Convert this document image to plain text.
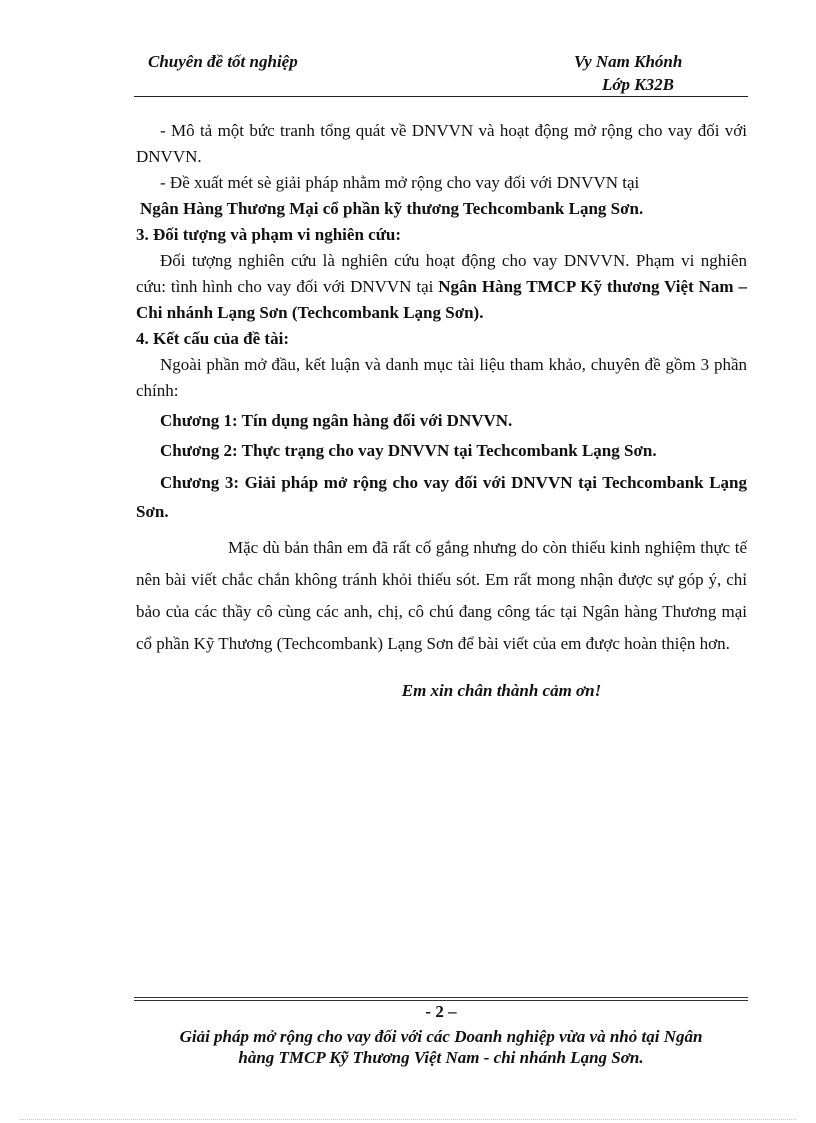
Chuyên đề tốt nghiệp	Vy Nam Khónh
Lớp K32B

- Mô tả một bức tranh tổng quát về DNVVN và hoạt động mở rộng cho vay đối với DNVVN.

- Đề xuất mét sè giải pháp nhằm mở rộng cho vay đối với DNVVN tại

Ngân Hàng Thương Mại cổ phần kỹ thương Techcombank Lạng Sơn.

3. Đối tượng và phạm vi nghiên cứu:

Đối tượng nghiên cứu là nghiên cứu hoạt động cho vay DNVVN. Phạm vi nghiên cứu: tình hình cho vay đối với DNVVN tại Ngân Hàng TMCP Kỹ thương Việt Nam – Chi nhánh Lạng Sơn (Techcombank Lạng Sơn).

4. Kết cấu của đề tài:

Ngoài phần mở đầu, kết luận và danh mục tài liệu tham khảo, chuyên đề gồm 3 phần chính:

Chương 1: Tín dụng ngân hàng đối với DNVVN.

Chương 2: Thực trạng cho vay DNVVN tại Techcombank Lạng Sơn.

Chương 3: Giải pháp mở rộng cho vay đối với DNVVN tại Techcombank Lạng Sơn.

Mặc dù bản thân em đã rất cố gắng nhưng do còn thiếu kinh nghiệm thực tế nên bài viết chắc chắn không tránh khỏi thiếu sót. Em rất mong nhận được sự góp ý, chỉ bảo của các thầy cô cùng các anh, chị, cô chú đang công tác tại Ngân hàng Thương mại cổ phần Kỹ Thương (Techcombank) Lạng Sơn để bài viết của em được hoàn thiện hơn.

Em xin chân thành cảm ơn!

- 2 –
Giải pháp mở rộng cho vay đối với các Doanh nghiệp vừa và nhỏ tại Ngân
hàng TMCP Kỹ Thương Việt Nam - chi nhánh Lạng Sơn.
